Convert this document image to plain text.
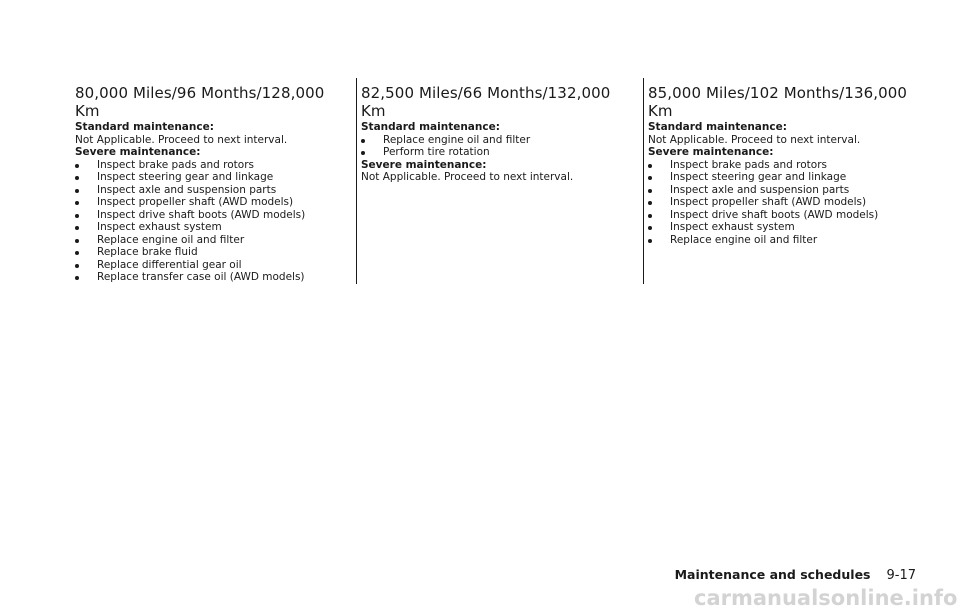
80,000 Miles/96 Months/128,000 Km
Standard maintenance:
Not Applicable. Proceed to next interval.
Severe maintenance:
Inspect brake pads and rotors
Inspect steering gear and linkage
Inspect axle and suspension parts
Inspect propeller shaft (AWD models)
Inspect drive shaft boots (AWD models)
Inspect exhaust system
Replace engine oil and filter
Replace brake fluid
Replace differential gear oil
Replace transfer case oil (AWD models)
82,500 Miles/66 Months/132,000 Km
Standard maintenance:
Replace engine oil and filter
Perform tire rotation
Severe maintenance:
Not Applicable. Proceed to next interval.
85,000 Miles/102 Months/136,000 Km
Standard maintenance:
Not Applicable. Proceed to next interval.
Severe maintenance:
Inspect brake pads and rotors
Inspect steering gear and linkage
Inspect axle and suspension parts
Inspect propeller shaft (AWD models)
Inspect drive shaft boots (AWD models)
Inspect exhaust system
Replace engine oil and filter
Maintenance and schedules 9-17
carmanualsonline.info
